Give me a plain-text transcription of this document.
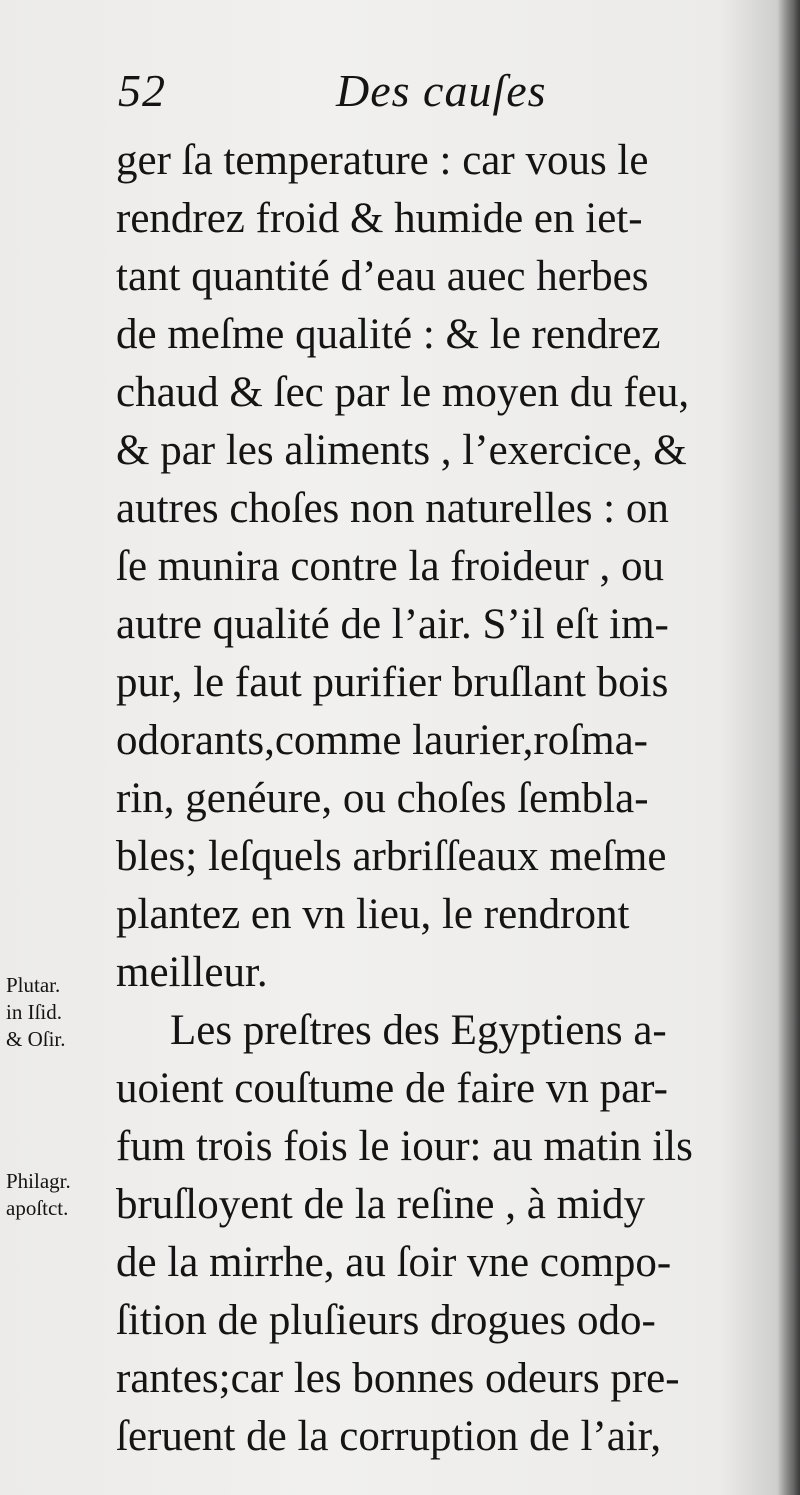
52	Des cauſes
ger ſa temperature : car vous le
rendrez froid & humide en iet-
tant quantité d’eau auec herbes
de meſme qualité : & le rendrez
chaud & ſec par le moyen du feu,
& par les aliments , l’exercice, &
autres choſes non naturelles : on
ſe munira contre la froideur , ou
autre qualité de l’air. S’il eſt im-
pur, le faut purifier bruſlant bois
odorants,comme laurier,roſma-
rin, genéure, ou choſes ſembla-
bles; leſquels arbriſſeaux meſme
plantez en vn lieu, le rendront
meilleur.
Les preſtres des Egyptiens a-
uoient couſtume de faire vn par-
fum trois fois le iour: au matin ils
bruſloyent de la reſine , à midy
de la mirrhe, au ſoir vne compo-
ſition de pluſieurs drogues odo-
rantes;car les bonnes odeurs pre-
ſeruent de la corruption de l’air,
Plutar.
in Iſid.
& Oſir.
Philagr.
apoſtct.
